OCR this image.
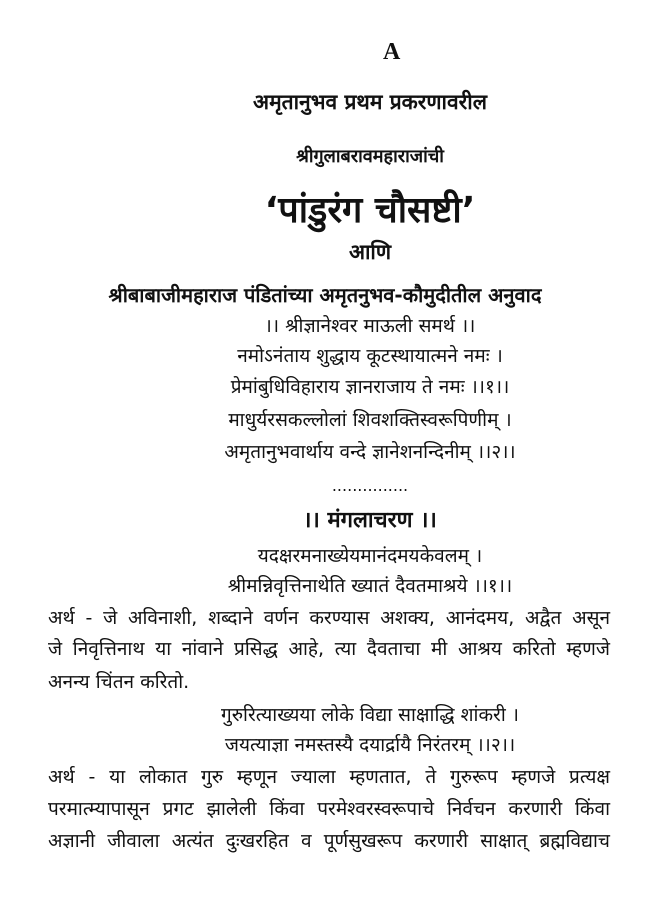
A
अमृतानुभव प्रथम प्रकरणावरील
श्रीगुलाबरावमहाराजांची
‘पांडुरंग चौसष्टी’
आणि
श्रीबाबाजीमहाराज पंडितांच्या अमृतनुभव-कौमुदीतील अनुवाद
।। श्रीज्ञानेश्वर माऊली समर्थ ।।
नमोऽनंताय शुद्धाय कूटस्थायात्मने नमः ।
प्रेमांबुधिविहाराय ज्ञानराजाय ते नमः ।।१।।
माधुर्यरसकल्लोलां शिवशक्तिस्वरूपिणीम् ।
अमृतानुभवार्थाय वन्दे ज्ञानेशनन्दिनीम् ।।२।।
...............
।। मंगलाचरण ।।
यदक्षरमनाख्येयमानंदमयकेवलम् ।
श्रीमन्निवृत्तिनाथेति ख्यातं दैवतमाश्रये ।।१।।
अर्थ - जे अविनाशी, शब्दाने वर्णन करण्यास अशक्य, आनंदमय, अद्वैत असून
जे निवृत्तिनाथ या नांवाने प्रसिद्ध आहे, त्या दैवताचा मी आश्रय करितो म्हणजे
अनन्य चिंतन करितो.
गुरुरित्याख्यया लोके विद्या साक्षाद्धि शांकरी ।
जयत्याज्ञा नमस्तस्यै दयार्द्रायै निरंतरम् ।।२।।
अर्थ - या लोकात गुरु म्हणून ज्याला म्हणतात, ते गुरुरूप म्हणजे प्रत्यक्ष
परमात्म्यापासून प्रगट झालेली किंवा परमेश्वरस्वरूपाचे निर्वचन करणारी किंवा
अज्ञानी जीवाला अत्यंत दुःखरहित व पूर्णसुखरूप करणारी साक्षात् ब्रह्मविद्याच
